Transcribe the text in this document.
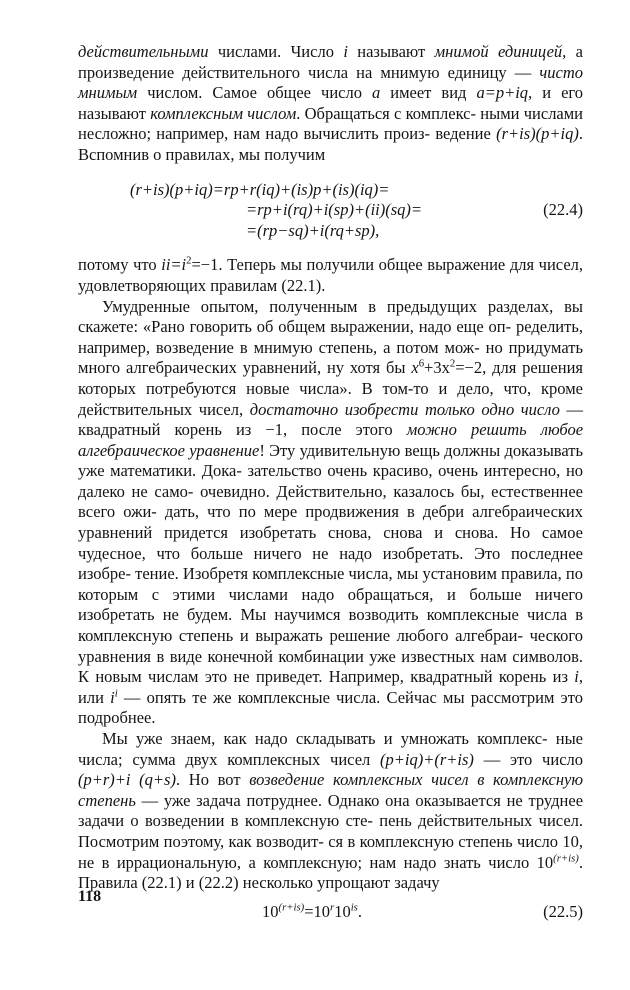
действительными числами. Число i называют мнимой единицей, а произведение действительного числа на мнимую единицу — чисто мнимым числом. Самое общее число a имеет вид a=p+iq, и его называют комплексным числом. Обращаться с комплекс- ными числами несложно; например, нам надо вычислить произ- ведение (r+is)(p+iq). Вспомнив о правилах, мы получим

(r+is)(p+iq)=rp+r(iq)+(is)p+(is)(iq)=
=rp+i(rq)+i(sp)+(ii)(sq)=	(22.4)
=(rp−sq)+i(rq+sp),

потому что $ii=i^2=-1$. Теперь мы получили общее выражение для чисел, удовлетворяющих правилам (22.1).

Умудренные опытом, полученным в предыдущих разделах, вы скажете: «Рано говорить об общем выражении, надо еще оп- ределить, например, возведение в мнимую степень, а потом мож- но придумать много алгебраических уравнений, ну хотя бы $x^6+3x^2=-2$, для решения которых потребуются новые числа». В том-то и дело, что, кроме действительных чисел, достаточно изобрести только одно число — квадратный корень из −1, после этого можно решить любое алгебраическое уравнение! Эту удивительную вещь должны доказывать уже математики. Дока- зательство очень красиво, очень интересно, но далеко не само- очевидно. Действительно, казалось бы, естественнее всего ожи- дать, что по мере продвижения в дебри алгебраических уравнений придется изобретать снова, снова и снова. Но самое чудесное, что больше ничего не надо изобретать. Это последнее изобре- тение. Изобретя комплексные числа, мы установим правила, по которым с этими числами надо обращаться, и больше ничего изобретать не будем. Мы научимся возводить комплексные числа в комплексную степень и выражать решение любого алгебраи- ческого уравнения в виде конечной комбинации уже известных нам символов. К новым числам это не приведет. Например, квадратный корень из i, или $i^i$ — опять те же комплексные числа. Сейчас мы рассмотрим это подробнее.

Мы уже знаем, как надо складывать и умножать комплекс- ные числа; сумма двух комплексных чисел (p+iq)+(r+is) — это число (p+r)+i (q+s). Но вот возведение комплексных чисел в комплексную степень — уже задача потруднее. Однако она оказывается не труднее задачи о возведении в комплексную сте- пень действительных чисел. Посмотрим поэтому, как возводит- ся в комплексную степень число 10, не в иррациональную, а комплексную; нам надо знать число $10^{(r+is)}$. Правила (22.1) и (22.2) несколько упрощают задачу

$10^{(r+is)}=10^r10^{is}$.	(22.5)
118
